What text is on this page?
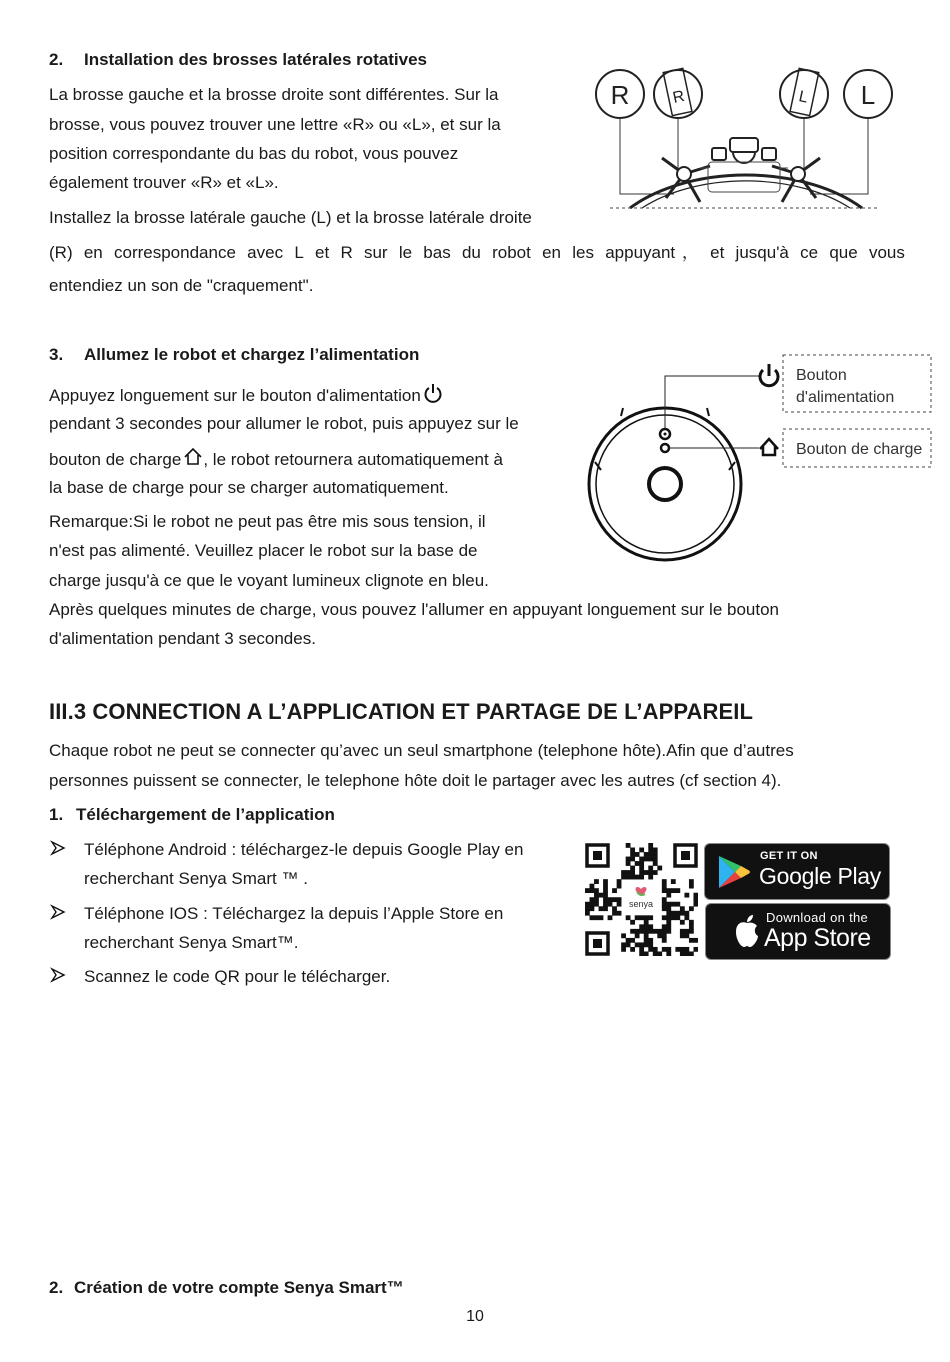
2. Installation des brosses latérales rotatives
La brosse gauche et la brosse droite sont différentes. Sur la
brosse, vous pouvez trouver une lettre «R» ou «L», et sur la
position correspondante du bas du robot, vous pouvez
également trouver «R» et «L».
Installez la brosse latérale gauche (L) et la brosse latérale droite
(R) en correspondance avec L et R sur le bas du robot en les appuyant ， et jusqu'à ce que vous
entendiez un son de "craquement".
R	R	L L
3. Allumez le robot et chargez l’alimentation
Appuyez longuement sur le bouton d'alimentation
pendant 3 secondes pour allumer le robot, puis appuyez sur le
bouton de charge , le robot retournera automatiquement à
la base de charge pour se charger automatiquement.
Remarque:Si le robot ne peut pas être mis sous tension, il
n'est pas alimenté. Veuillez placer le robot sur la base de
charge jusqu'à ce que le voyant lumineux clignote en bleu.
Après quelques minutes de charge, vous pouvez l'allumer en appuyant longuement sur le bouton
d'alimentation pendant 3 secondes.
Bouton
d'alimentation
Bouton de charge
III.3 CONNECTION A L’APPLICATION ET PARTAGE DE L’APPAREIL
Chaque robot ne peut se connecter qu’avec un seul smartphone (telephone hôte).Afin que d’autres
personnes puissent se connecter, le telephone hôte doit le partager avec les autres (cf section 4).
1. Téléchargement de l’application
Téléphone Android : téléchargez-le depuis Google Play en
recherchant Senya Smart ™ .
Téléphone IOS : Téléchargez la depuis l’Apple Store en
recherchant Senya Smart™.
Scannez le code QR pour le télécharger.
senya
GET IT ON
Google Play
Download on the
App Store
2. Création de votre compte Senya Smart™
10
